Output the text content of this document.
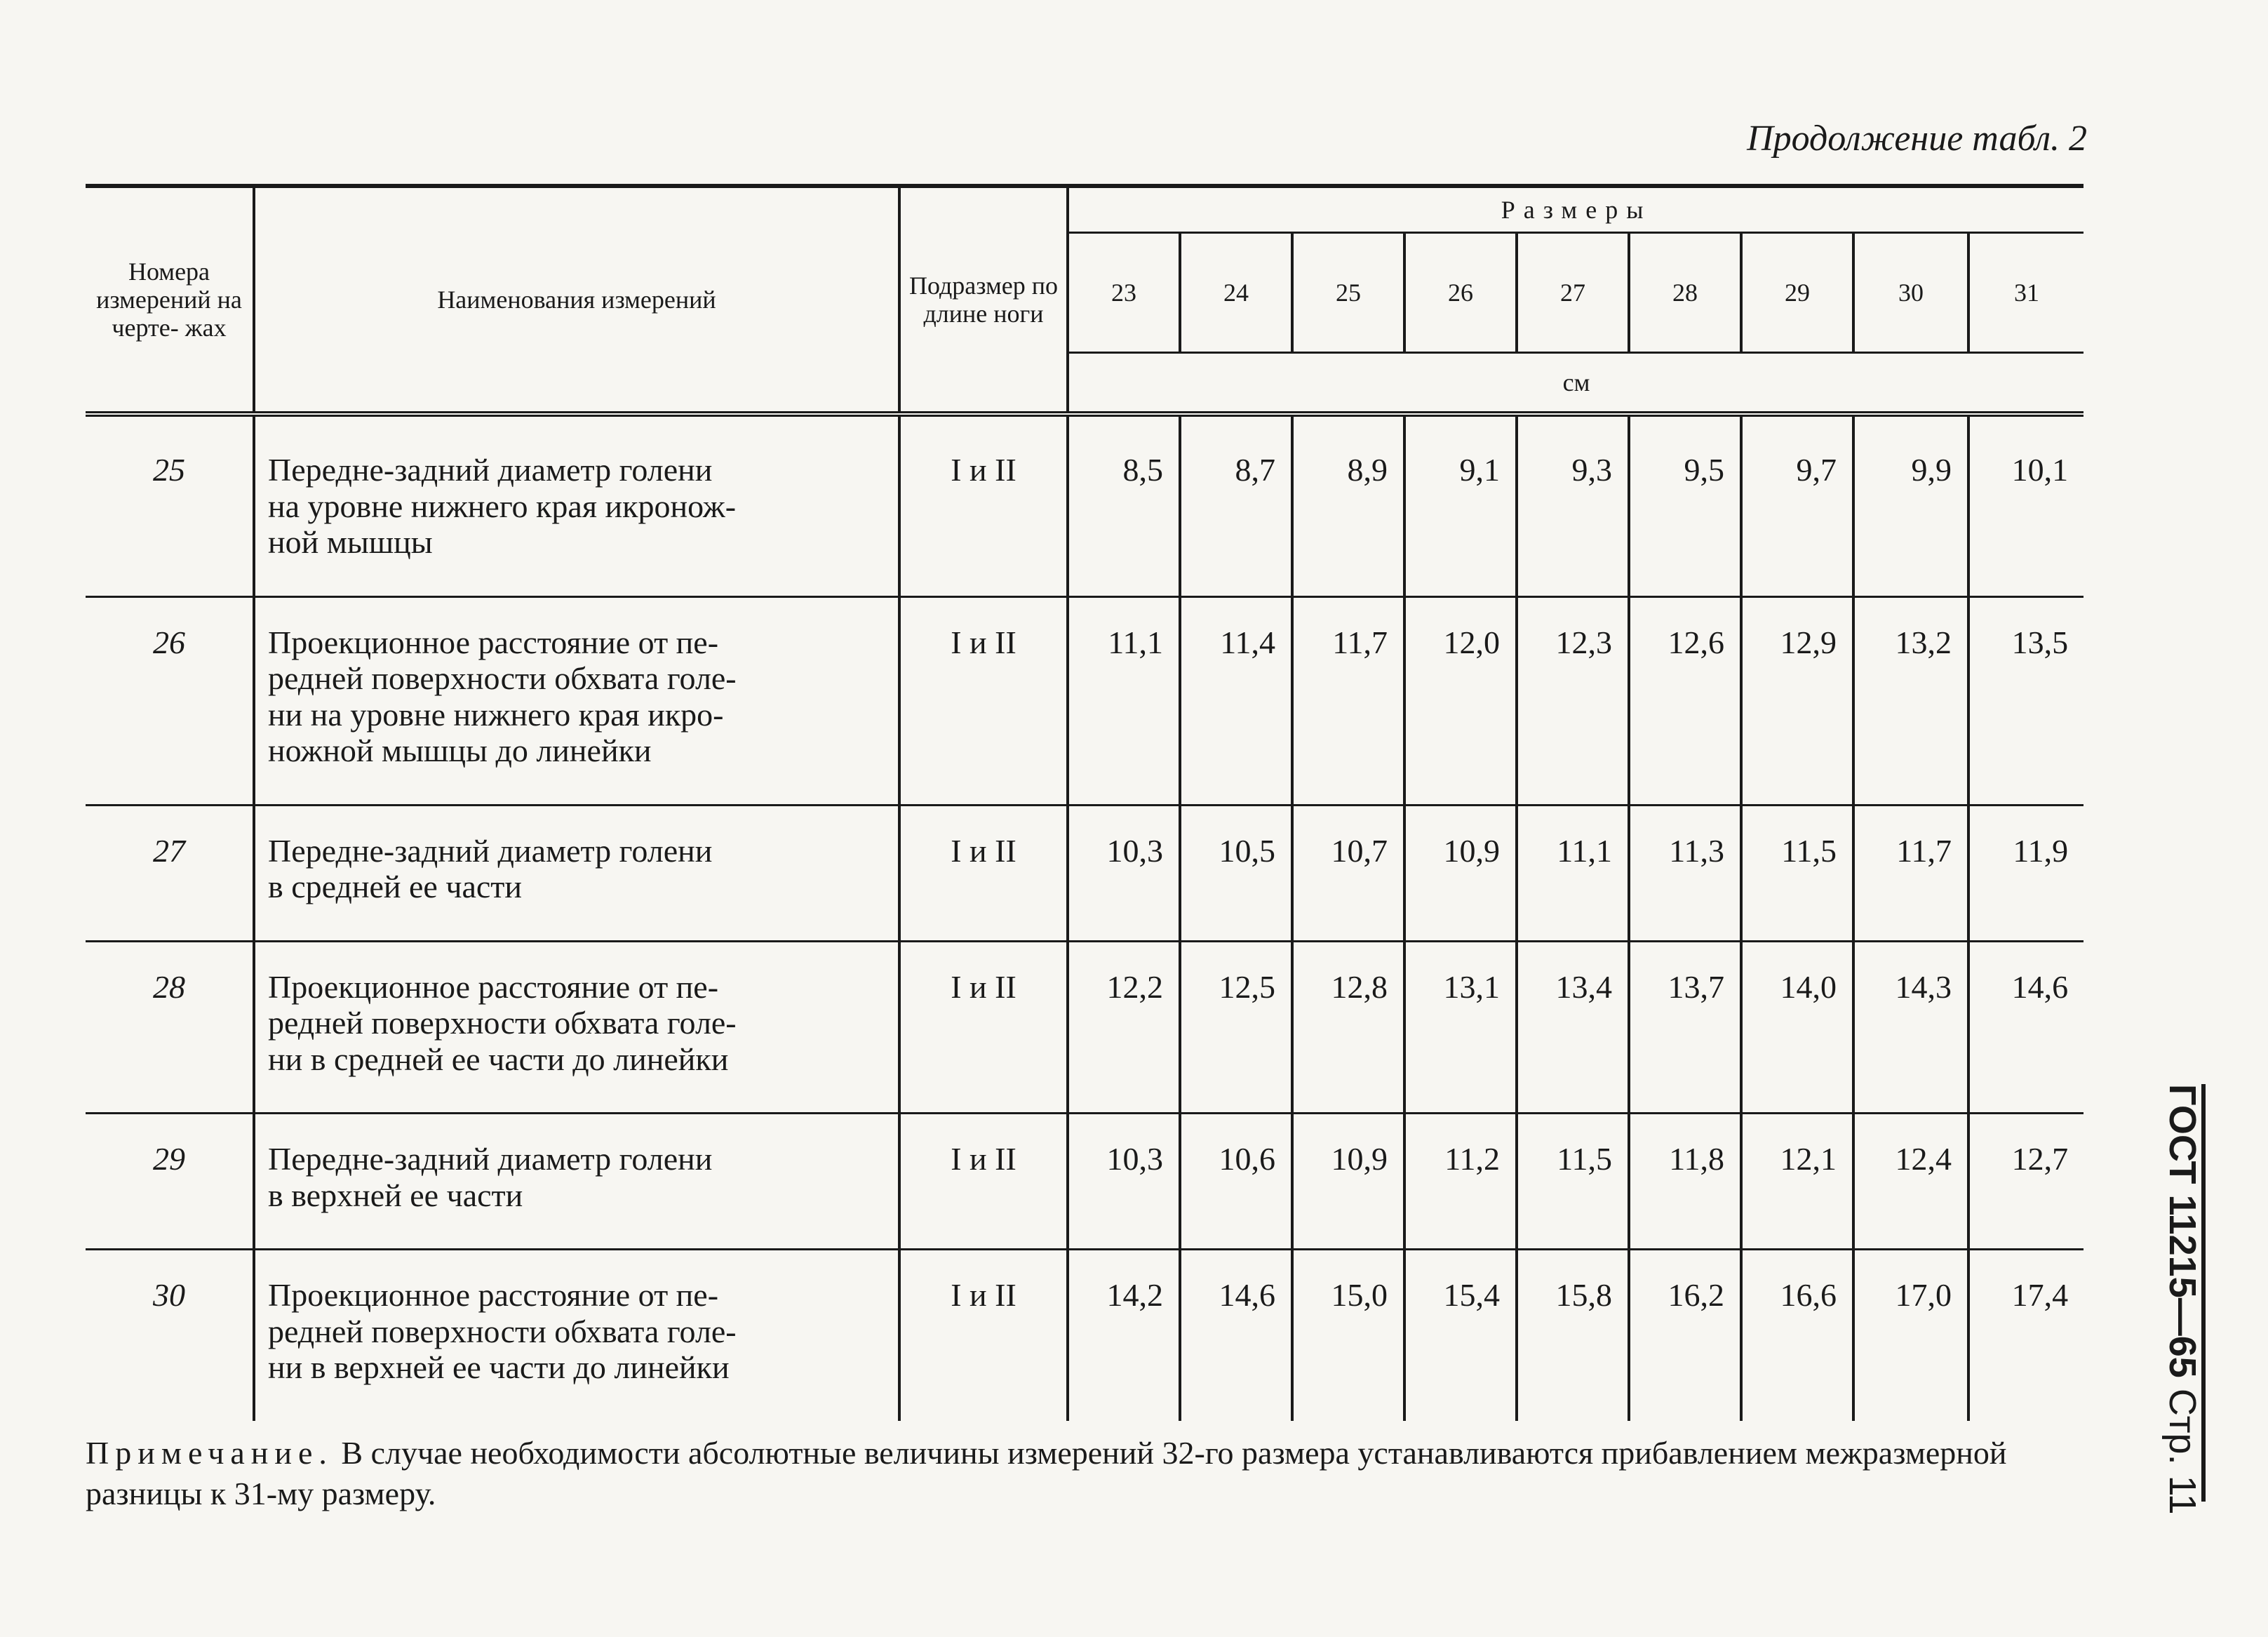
Продолжение табл. 2
Номера измерений на черте- жах	Наименования измерений	Подразмер по длине ноги	Размеры								
			23	24	25	26	27	28	29	30	31
			см								
25	Передне-задний диаметр голени
на уровне нижнего края икронож-
ной мышцы	I и II	8,5	8,7	8,9	9,1	9,3	9,5	9,7	9,9	10,1
26	Проекционное расстояние от пе-
редней поверхности обхвата голе-
ни на уровне нижнего края икро-
ножной мышцы до линейки	I и II	11,1	11,4	11,7	12,0	12,3	12,6	12,9	13,2	13,5
27	Передне-задний диаметр голени
в средней ее части	I и II	10,3	10,5	10,7	10,9	11,1	11,3	11,5	11,7	11,9
28	Проекционное расстояние от пе-
редней поверхности обхвата голе-
ни в средней ее части до линейки	I и II	12,2	12,5	12,8	13,1	13,4	13,7	14,0	14,3	14,6
29	Передне-задний диаметр голени
в верхней ее части	I и II	10,3	10,6	10,9	11,2	11,5	11,8	12,1	12,4	12,7
30	Проекционное расстояние от пе-
редней поверхности обхвата голе-
ни в верхней ее части до линейки	I и II	14,2	14,6	15,0	15,4	15,8	16,2	16,6	17,0	17,4
Примечание. В случае необходимости абсолютные величины измерений 32-го размера устанавливаются прибавлением межразмерной разницы к 31-му размеру.
ГОСТ 11215—65 Стр. 11
